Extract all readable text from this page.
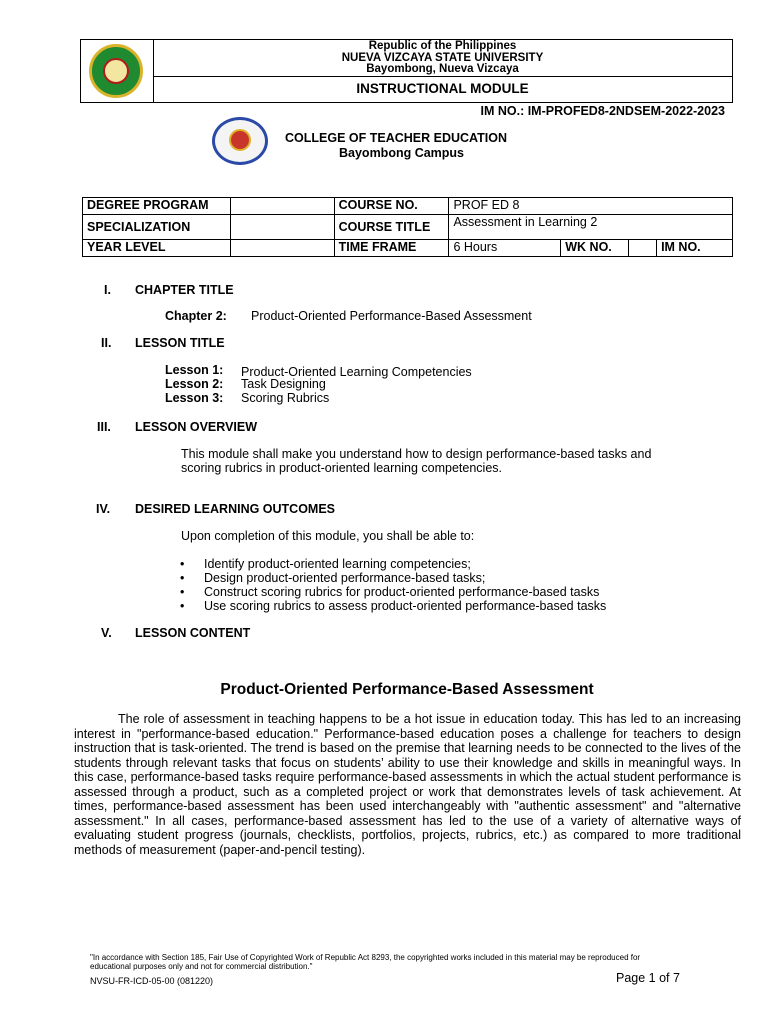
Republic of the Philippines
NUEVA VIZCAYA STATE UNIVERSITY
Bayombong, Nueva Vizcaya
INSTRUCTIONAL MODULE
IM NO.: IM-PROFED8-2NDSEM-2022-2023
COLLEGE OF TEACHER EDUCATION
Bayombong Campus
DEGREE PROGRAM		COURSE NO.	PROF ED 8			
SPECIALIZATION		COURSE TITLE	Assessment in Learning 2			
YEAR LEVEL		TIME FRAME	6 Hours	WK NO.		IM NO.
I. CHAPTER TITLE
Chapter 2: Product-Oriented Performance-Based Assessment
II. LESSON TITLE
Lesson 1: Product-Oriented Learning Competencies
Lesson 2: Task Designing
Lesson 3: Scoring Rubrics
III. LESSON OVERVIEW
This module shall make you understand how to design performance-based tasks and
scoring rubrics in product-oriented learning competencies.
IV. DESIRED LEARNING OUTCOMES
Upon completion of this module, you shall be able to:
• Identify product-oriented learning competencies;
• Design product-oriented performance-based tasks;
• Construct scoring rubrics for product-oriented performance-based tasks
• Use scoring rubrics to assess product-oriented performance-based tasks
V. LESSON CONTENT
Product-Oriented Performance-Based Assessment
The role of assessment in teaching happens to be a hot issue in education today. This has led to an increasing interest in "performance-based education." Performance-based education poses a challenge for teachers to design instruction that is task-oriented. The trend is based on the premise that learning needs to be connected to the lives of the students through relevant tasks that focus on students’ ability to use their knowledge and skills in meaningful ways. In this case, performance-based tasks require performance-based assessments in which the actual student performance is assessed through a product, such as a completed project or work that demonstrates levels of task achievement. At times, performance-based assessment has been used interchangeably with "authentic assessment" and "alternative assessment." In all cases, performance-based assessment has led to the use of a variety of alternative ways of evaluating student progress (journals, checklists, portfolios, projects, rubrics, etc.) as compared to more traditional methods of measurement (paper-and-pencil testing).
"In accordance with Section 185, Fair Use of Copyrighted Work of Republic Act 8293, the copyrighted works included in this material may be reproduced for
educational purposes only and not for commercial distribution."
NVSU-FR-ICD-05-00 (081220)	Page 1 of 7
